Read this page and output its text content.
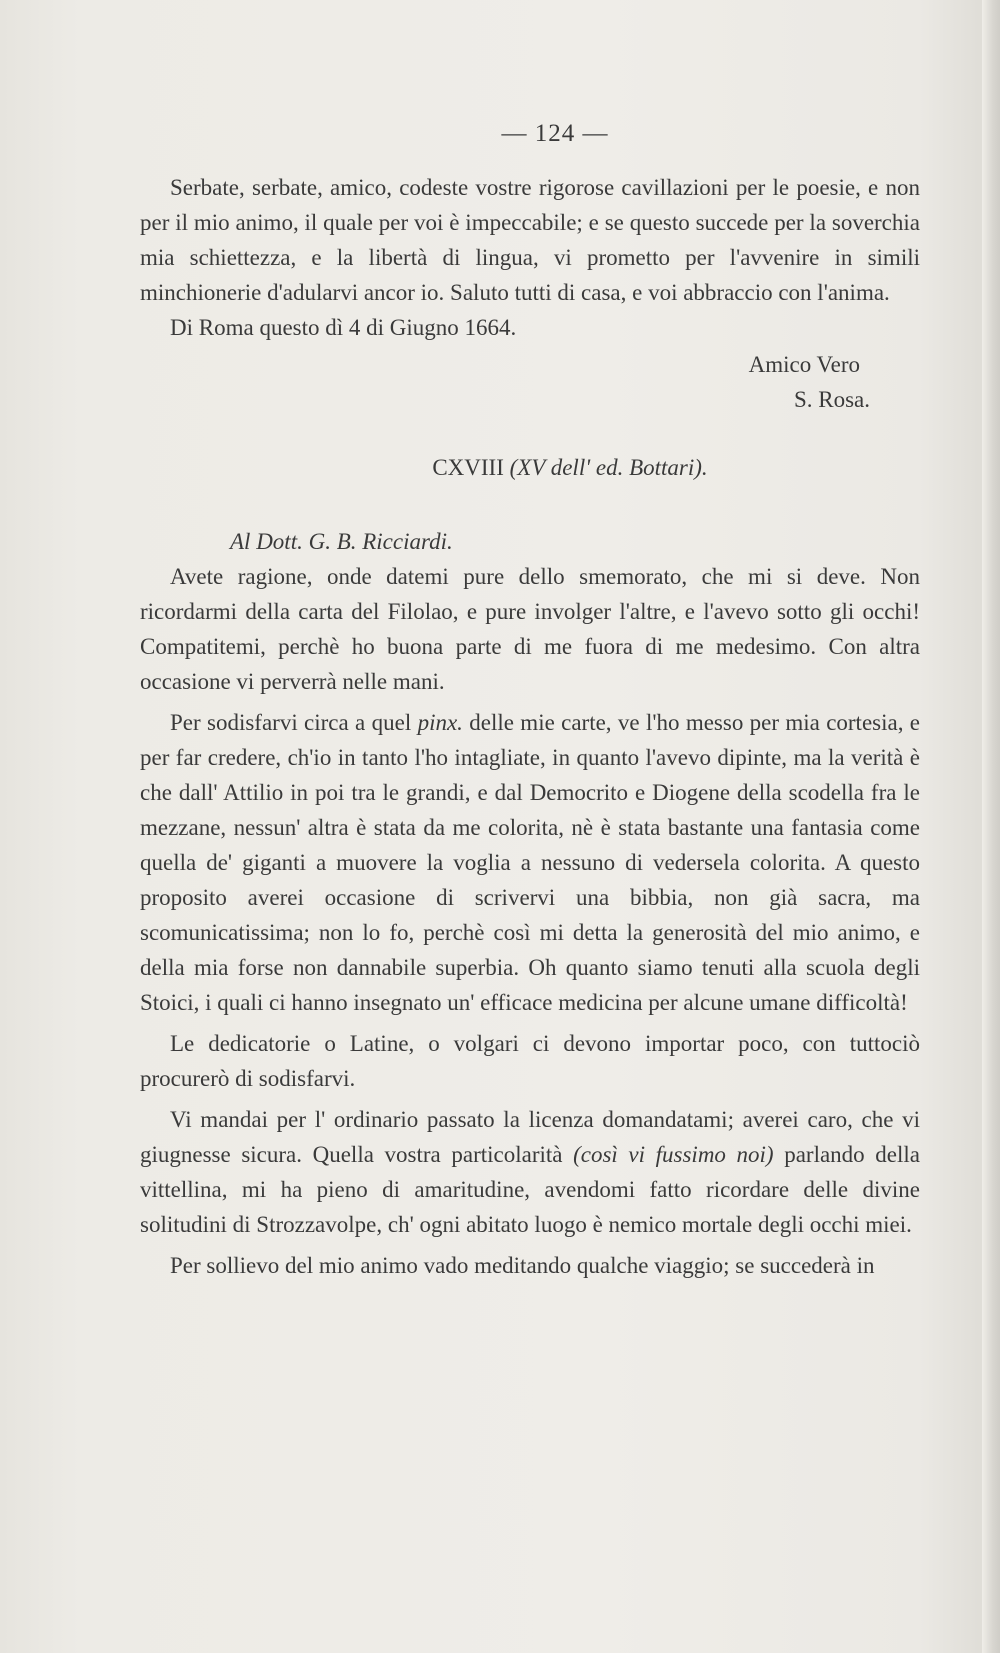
— 124 —

Serbate, serbate, amico, codeste vostre rigorose cavillazioni per le poesie, e non per il mio animo, il quale per voi è impeccabile; e se questo succede per la soverchia mia schiettezza, e la libertà di lingua, vi prometto per l'avvenire in simili minchionerie d'adularvi ancor io. Saluto tutti di casa, e voi abbraccio con l'anima.

Di Roma questo dì 4 di Giugno 1664.

Amico Vero

S. Rosa.

CXVIII (XV dell' ed. Bottari).
Al Dott. G. B. Ricciardi.

Avete ragione, onde datemi pure dello smemorato, che mi si deve. Non ricordarmi della carta del Filolao, e pure involger l'altre, e l'avevo sotto gli occhi! Compatitemi, perchè ho buona parte di me fuora di me medesimo. Con altra occasione vi perverrà nelle mani.

Per sodisfarvi circa a quel pinx. delle mie carte, ve l'ho messo per mia cortesia, e per far credere, ch'io in tanto l'ho intagliate, in quanto l'avevo dipinte, ma la verità è che dall' Attilio in poi tra le grandi, e dal Democrito e Diogene della scodella fra le mezzane, nessun' altra è stata da me colorita, nè è stata bastante una fantasia come quella de' giganti a muovere la voglia a nessuno di vedersela colorita. A questo proposito averei occasione di scrivervi una bibbia, non già sacra, ma scomunicatissima; non lo fo, perchè così mi detta la generosità del mio animo, e della mia forse non dannabile superbia. Oh quanto siamo tenuti alla scuola degli Stoici, i quali ci hanno insegnato un' efficace medicina per alcune umane difficoltà!

Le dedicatorie o Latine, o volgari ci devono importar poco, con tuttociò procurerò di sodisfarvi.

Vi mandai per l' ordinario passato la licenza domandatami; averei caro, che vi giugnesse sicura. Quella vostra particolarità (così vi fussimo noi) parlando della vittellina, mi ha pieno di amaritudine, avendomi fatto ricordare delle divine solitudini di Strozzavolpe, ch' ogni abitato luogo è nemico mortale degli occhi miei.

Per sollievo del mio animo vado meditando qualche viaggio; se succederà in
